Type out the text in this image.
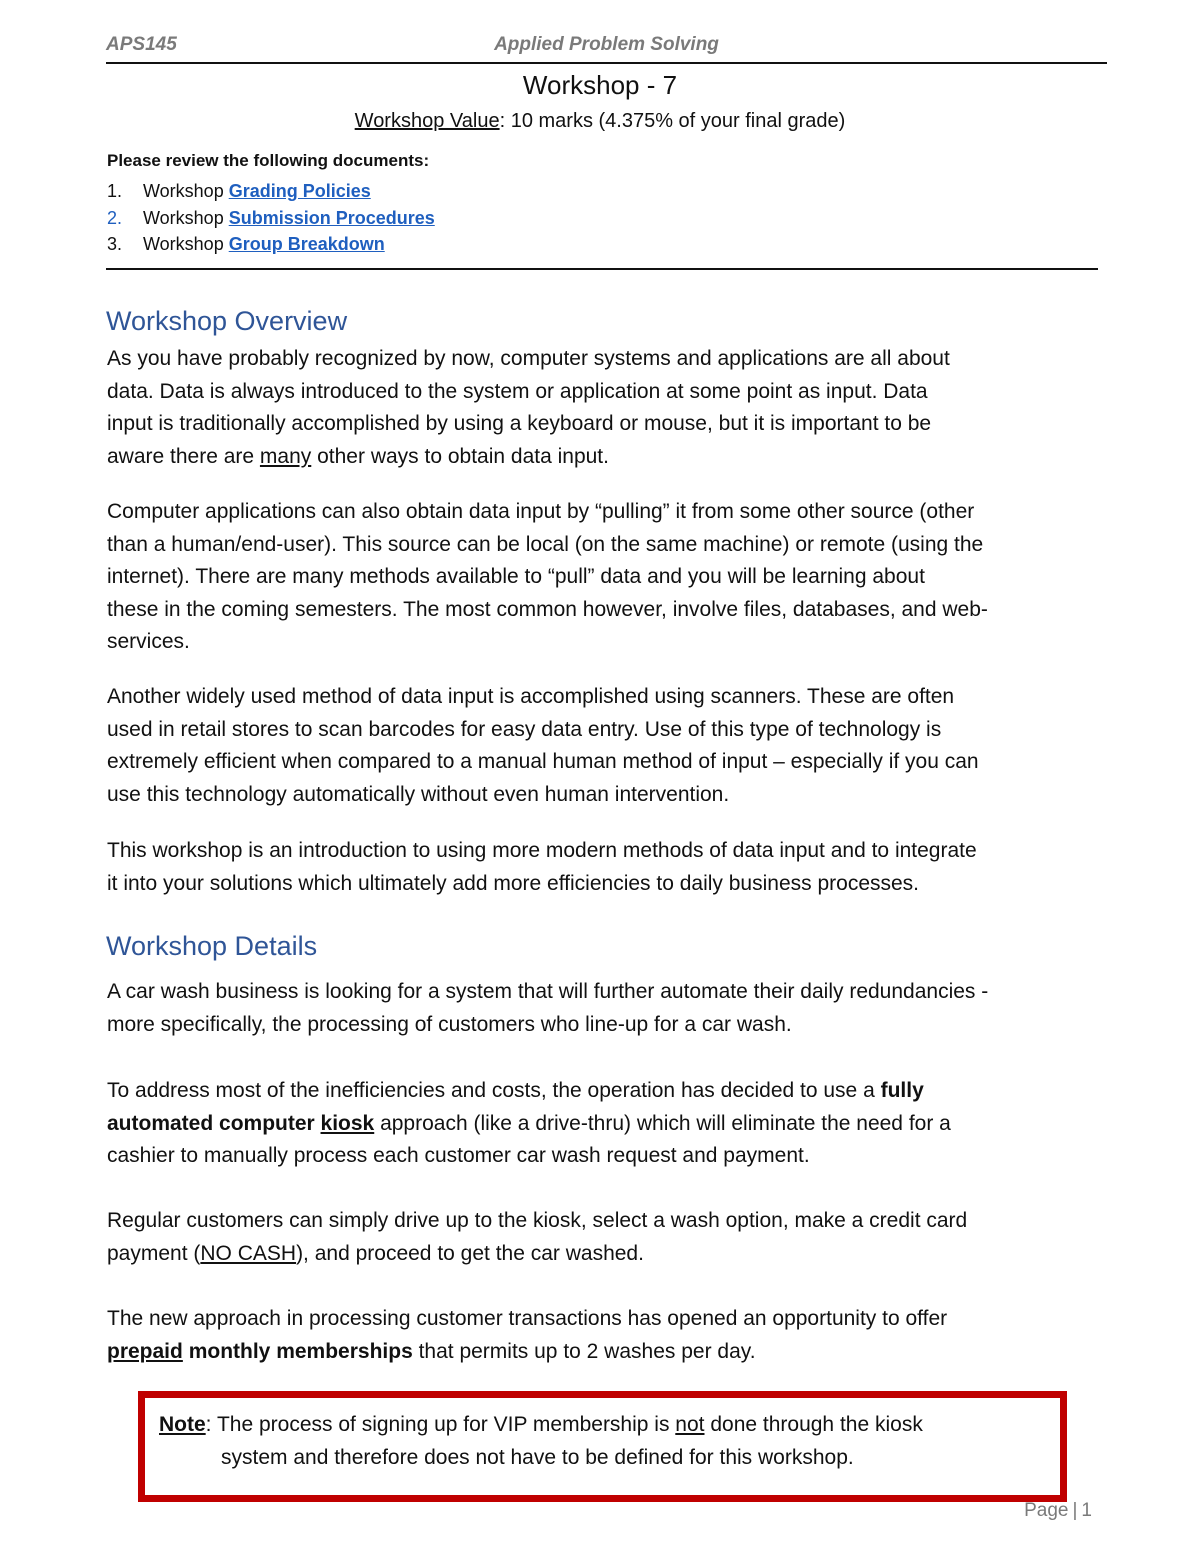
APS145	Applied Problem Solving
Workshop - 7
Workshop Value: 10 marks (4.375% of your final grade)
Please review the following documents:
1. Workshop Grading Policies
2. Workshop Submission Procedures
3. Workshop Group Breakdown
Workshop Overview
As you have probably recognized by now, computer systems and applications are all about
data. Data is always introduced to the system or application at some point as input. Data
input is traditionally accomplished by using a keyboard or mouse, but it is important to be
aware there are many other ways to obtain data input.
Computer applications can also obtain data input by “pulling” it from some other source (other
than a human/end-user). This source can be local (on the same machine) or remote (using the
internet). There are many methods available to “pull” data and you will be learning about
these in the coming semesters. The most common however, involve files, databases, and web-
services.
Another widely used method of data input is accomplished using scanners. These are often
used in retail stores to scan barcodes for easy data entry. Use of this type of technology is
extremely efficient when compared to a manual human method of input – especially if you can
use this technology automatically without even human intervention.
This workshop is an introduction to using more modern methods of data input and to integrate
it into your solutions which ultimately add more efficiencies to daily business processes.
Workshop Details
A car wash business is looking for a system that will further automate their daily redundancies -
more specifically, the processing of customers who line-up for a car wash.
To address most of the inefficiencies and costs, the operation has decided to use a fully
automated computer kiosk approach (like a drive-thru) which will eliminate the need for a
cashier to manually process each customer car wash request and payment.
Regular customers can simply drive up to the kiosk, select a wash option, make a credit card
payment (NO CASH), and proceed to get the car washed.
The new approach in processing customer transactions has opened an opportunity to offer
prepaid monthly memberships that permits up to 2 washes per day.
Note: The process of signing up for VIP membership is not done through the kiosk
system and therefore does not have to be defined for this workshop.
Page | 1
